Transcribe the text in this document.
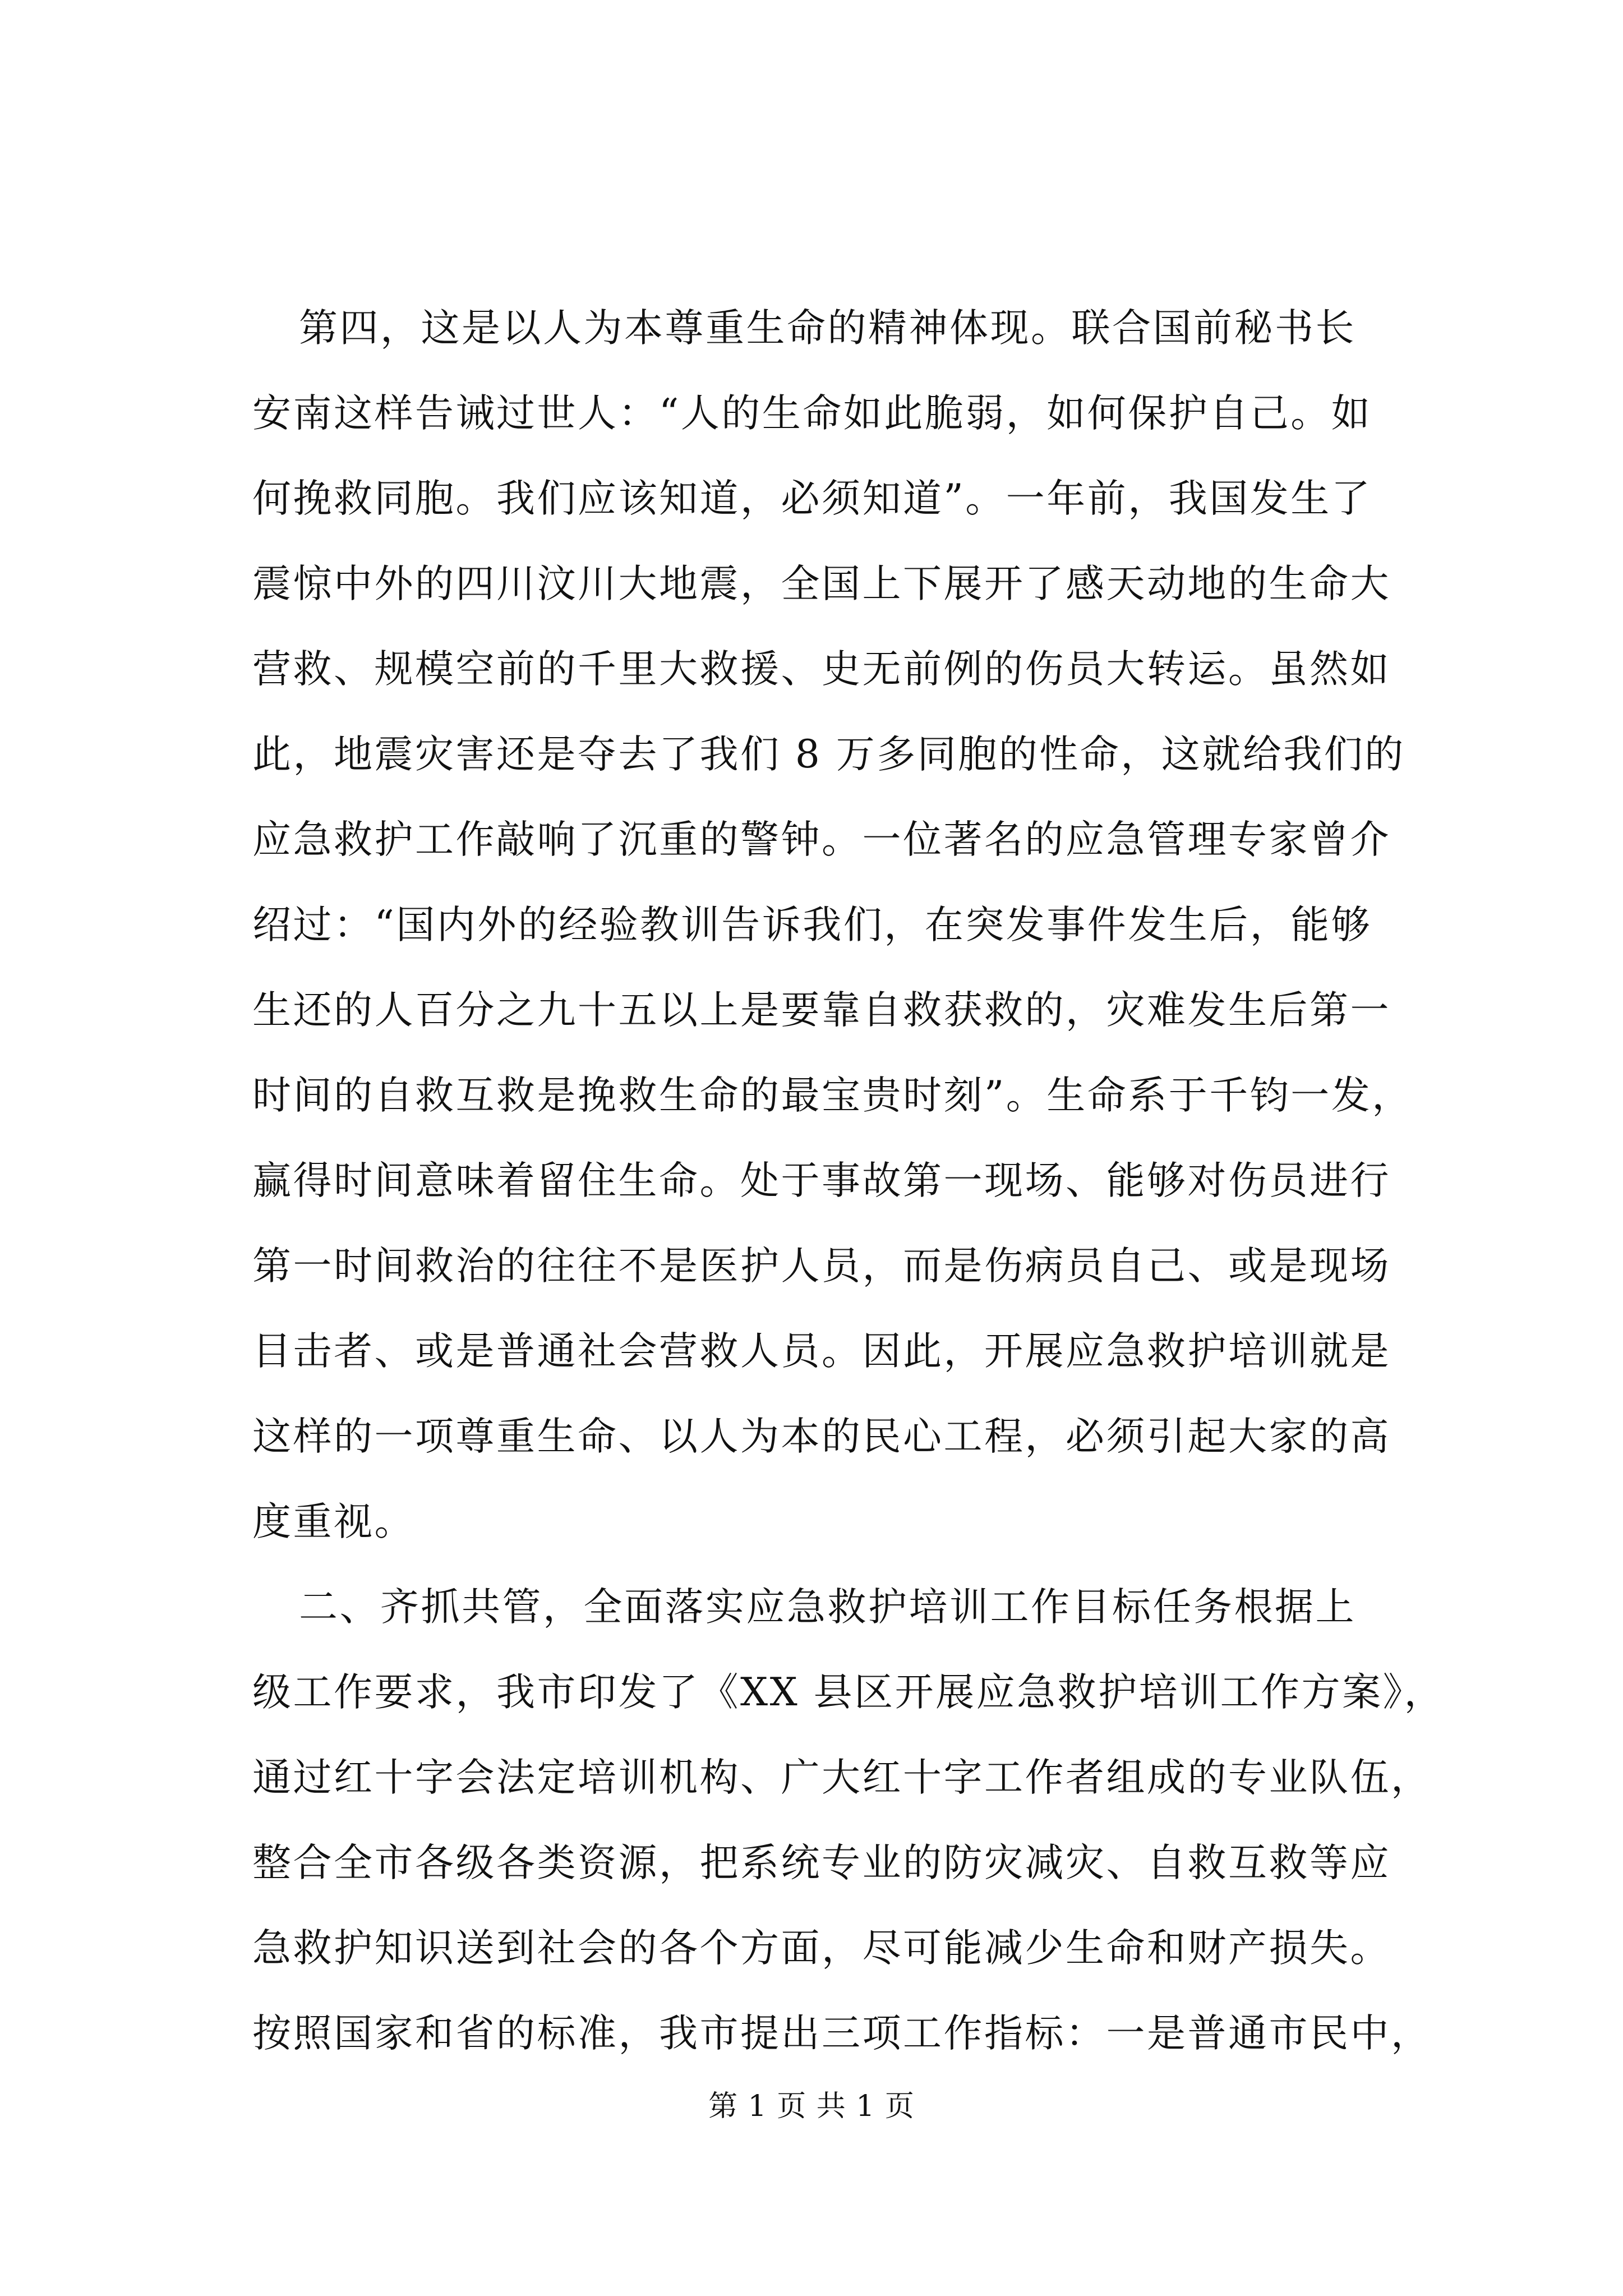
第四，这是以人为本尊重生命的精神体现。联合国前秘书长
安南这样告诫过世人：“人的生命如此脆弱，如何保护自己。如
何挽救同胞。我们应该知道，必须知道”。一年前，我国发生了
震惊中外的四川汶川大地震，全国上下展开了感天动地的生命大
营救、规模空前的千里大救援、史无前例的伤员大转运。虽然如
此，地震灾害还是夺去了我们 8 万多同胞的性命，这就给我们的
应急救护工作敲响了沉重的警钟。一位著名的应急管理专家曾介
绍过：“国内外的经验教训告诉我们，在突发事件发生后，能够
生还的人百分之九十五以上是要靠自救获救的，灾难发生后第一
时间的自救互救是挽救生命的最宝贵时刻”。生命系于千钧一发，
赢得时间意味着留住生命。处于事故第一现场、能够对伤员进行
第一时间救治的往往不是医护人员，而是伤病员自己、或是现场
目击者、或是普通社会营救人员。因此，开展应急救护培训就是
这样的一项尊重生命、以人为本的民心工程，必须引起大家的高
度重视。
二、齐抓共管，全面落实应急救护培训工作目标任务根据上
级工作要求，我市印发了《XX 县区开展应急救护培训工作方案》，
通过红十字会法定培训机构、广大红十字工作者组成的专业队伍，
整合全市各级各类资源，把系统专业的防灾减灾、自救互救等应
急救护知识送到社会的各个方面，尽可能减少生命和财产损失。
按照国家和省的标准，我市提出三项工作指标：一是普通市民中，
第 1 页 共 1 页
